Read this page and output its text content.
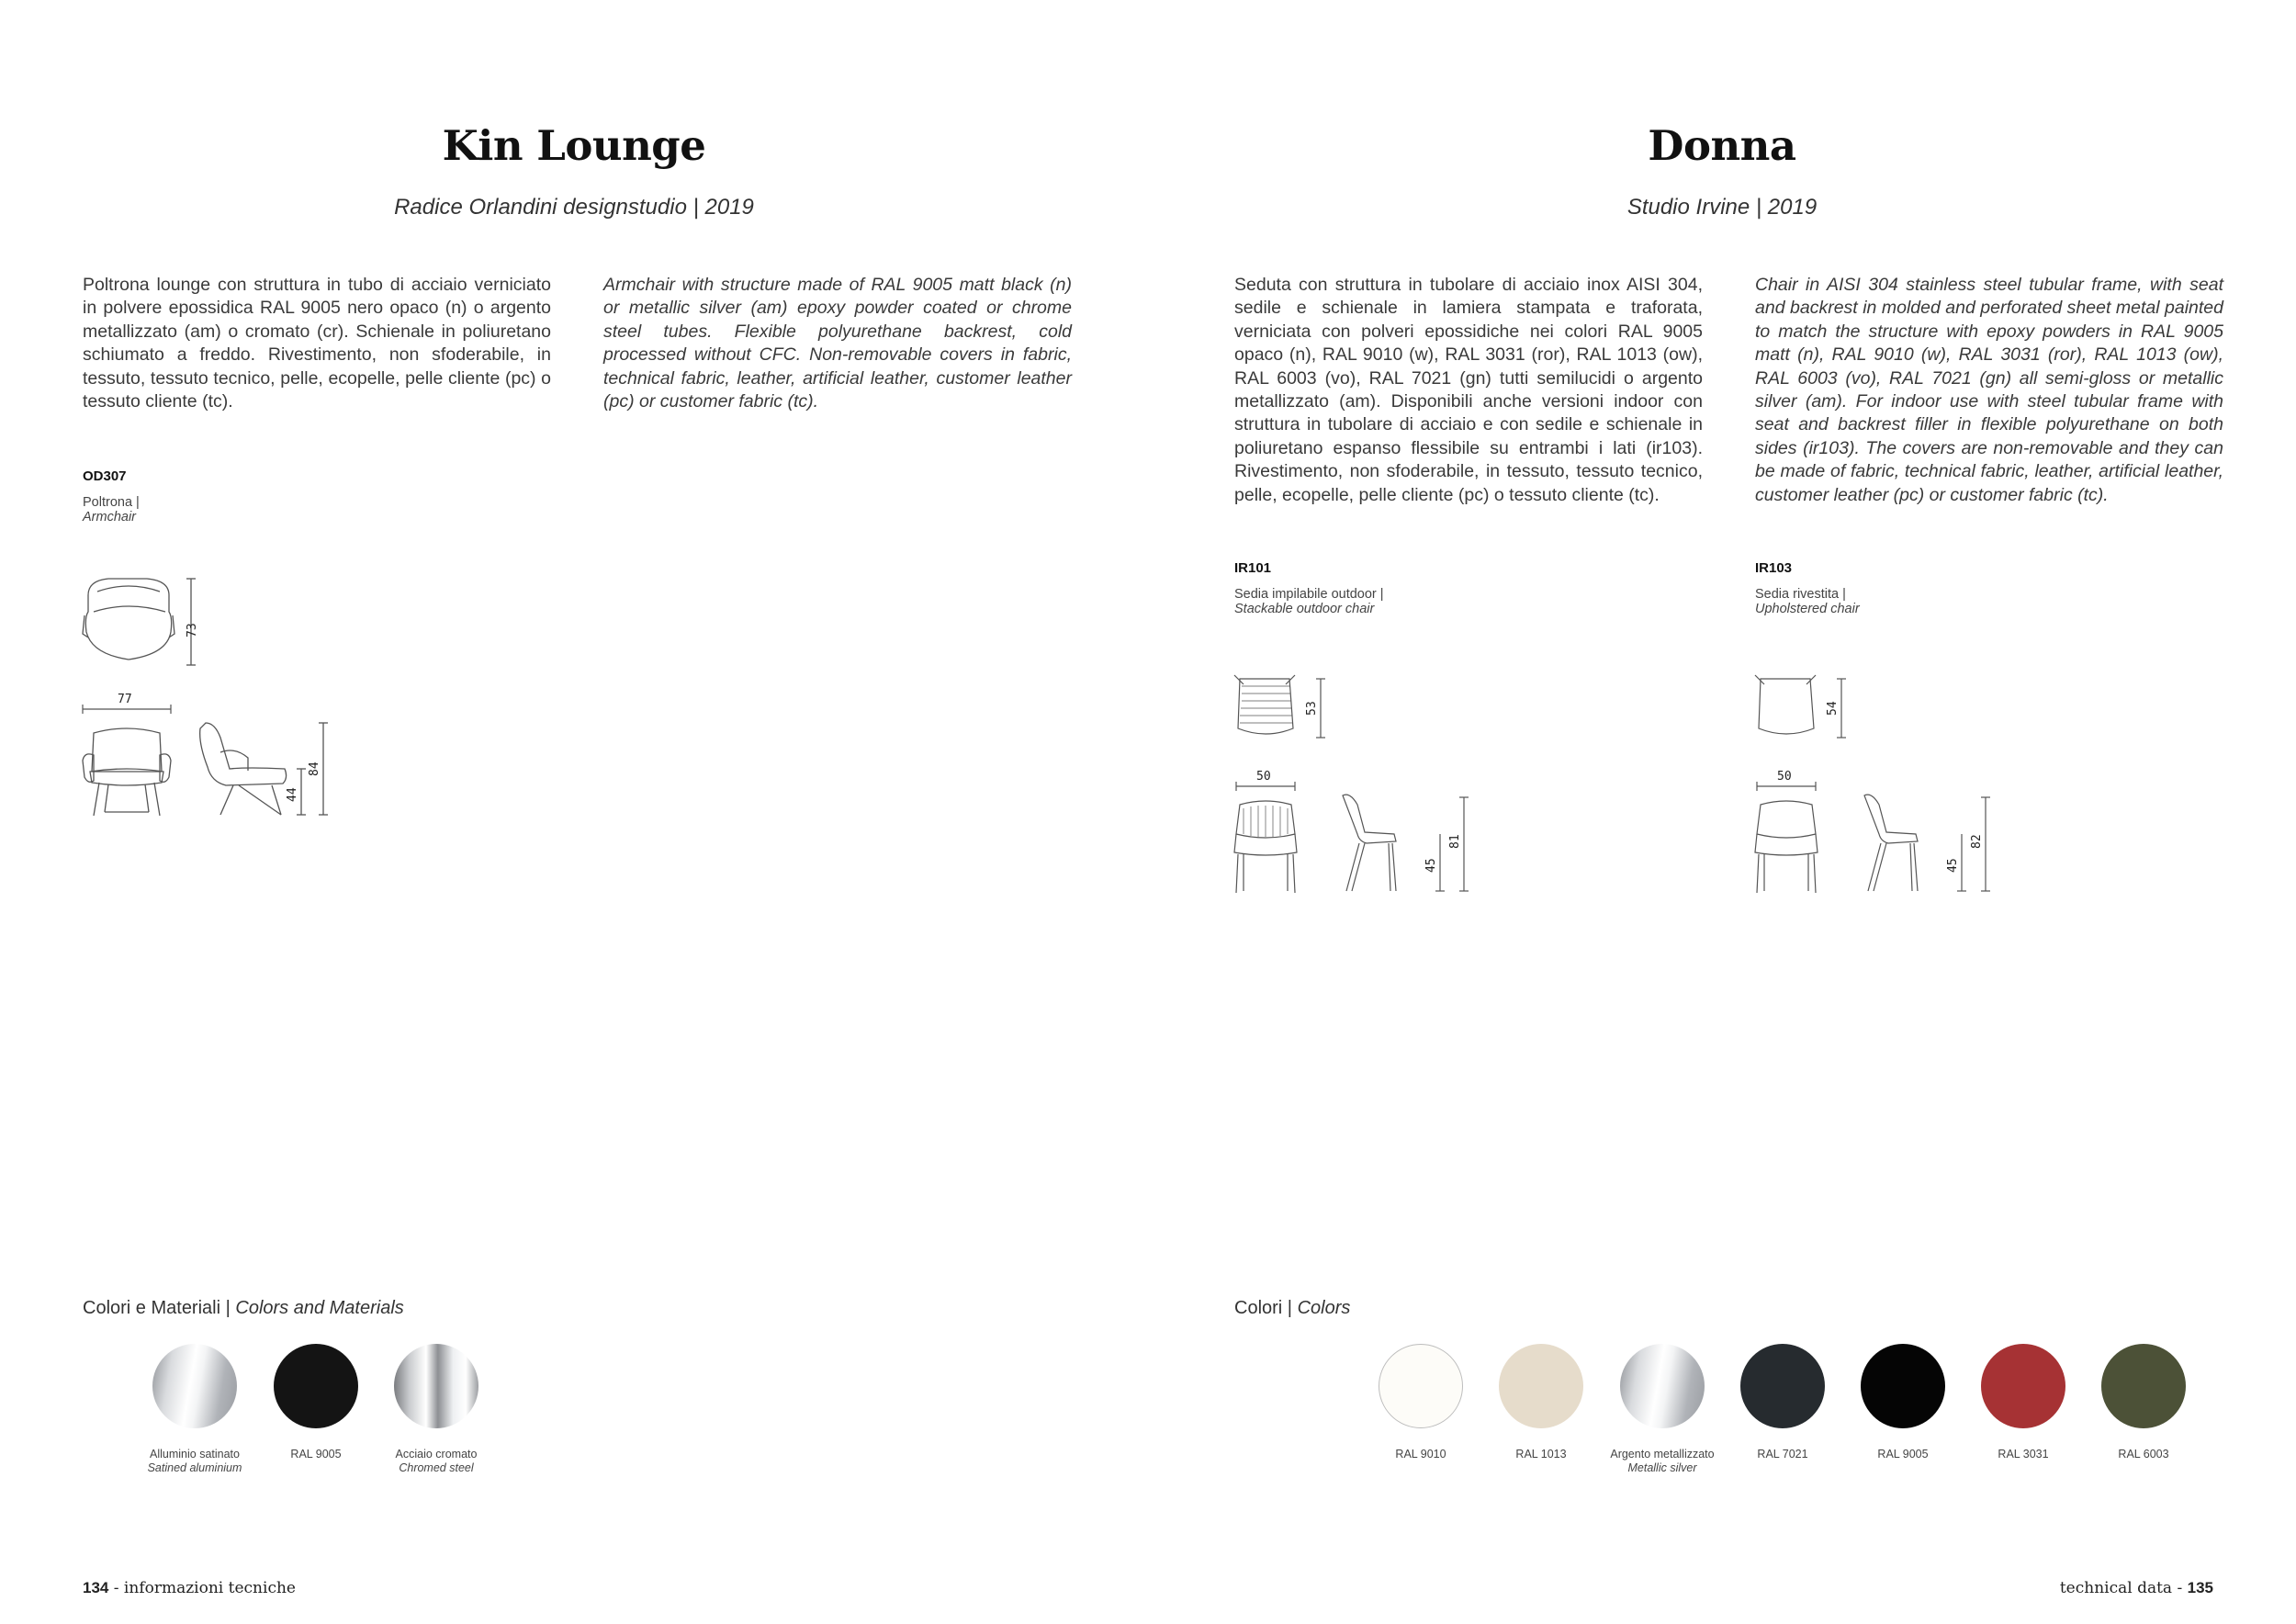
Kin Lounge
Radice Orlandini designstudio | 2019
Poltrona lounge con struttura in tubo di acciaio verniciato in polvere epossidica RAL 9005 nero opaco (n) o argento metallizzato (am) o cromato (cr). Schienale in poliuretano schiumato a freddo. Rivestimento, non sfoderabile, in tessuto, tessuto tecnico, pelle, ecopelle, pelle cliente (pc) o tessuto cliente (tc).
Armchair with structure made of RAL 9005 matt black (n) or metallic silver (am) epoxy powder coated or chrome steel tubes. Flexible polyurethane backrest, cold processed without CFC. Non-removable covers in fabric, technical fabric, leather, artificial leather, customer leather (pc) or customer fabric (tc).
OD307
Poltrona |
Armchair
73
77
44
84
Colori e Materiali | Colors and Materials
Alluminio satinato
Satined aluminium
RAL 9005	Acciaio cromato
Chromed steel
134 - informazioni tecniche
Donna
Studio Irvine | 2019
Seduta con struttura in tubolare di acciaio inox AISI 304, sedile e schienale in lamiera stampata e traforata, verniciata con polveri epossidiche nei colori RAL 9005 opaco (n), RAL 9010 (w), RAL 3031 (ror), RAL 1013 (ow), RAL 6003 (vo), RAL 7021 (gn) tutti semilucidi o argento metallizzato (am). Disponibili anche versioni indoor con struttura in tubolare di acciaio e con sedile e schienale in poliuretano espanso flessibile su entrambi i lati (ir103). Rivestimento, non sfoderabile, in tessuto, tessuto tecnico, pelle, ecopelle, pelle cliente (pc) o tessuto cliente (tc).
Chair in AISI 304 stainless steel tubular frame, with seat and backrest in molded and perforated sheet metal painted to match the structure with epoxy powders in RAL 9005 matt (n), RAL 9010 (w), RAL 3031 (ror), RAL 1013 (ow), RAL 6003 (vo), RAL 7021 (gn) all semi-gloss or metallic silver (am). For indoor use with steel tubular frame with seat and backrest filler in flexible polyurethane on both sides (ir103). The covers are non-removable and they can be made of fabric, technical fabric, leather, artificial leather, customer leather (pc) or customer fabric (tc).
IR101
Sedia impilabile outdoor |
Stackable outdoor chair
53
50
45
81
IR103
Sedia rivestita |
Upholstered chair
54
50
45
82
Colori | Colors
RAL 9010	RAL 1013	Argento metallizzato
Metallic silver
RAL 7021	RAL 9005	RAL 3031	RAL 6003
technical data - 135
